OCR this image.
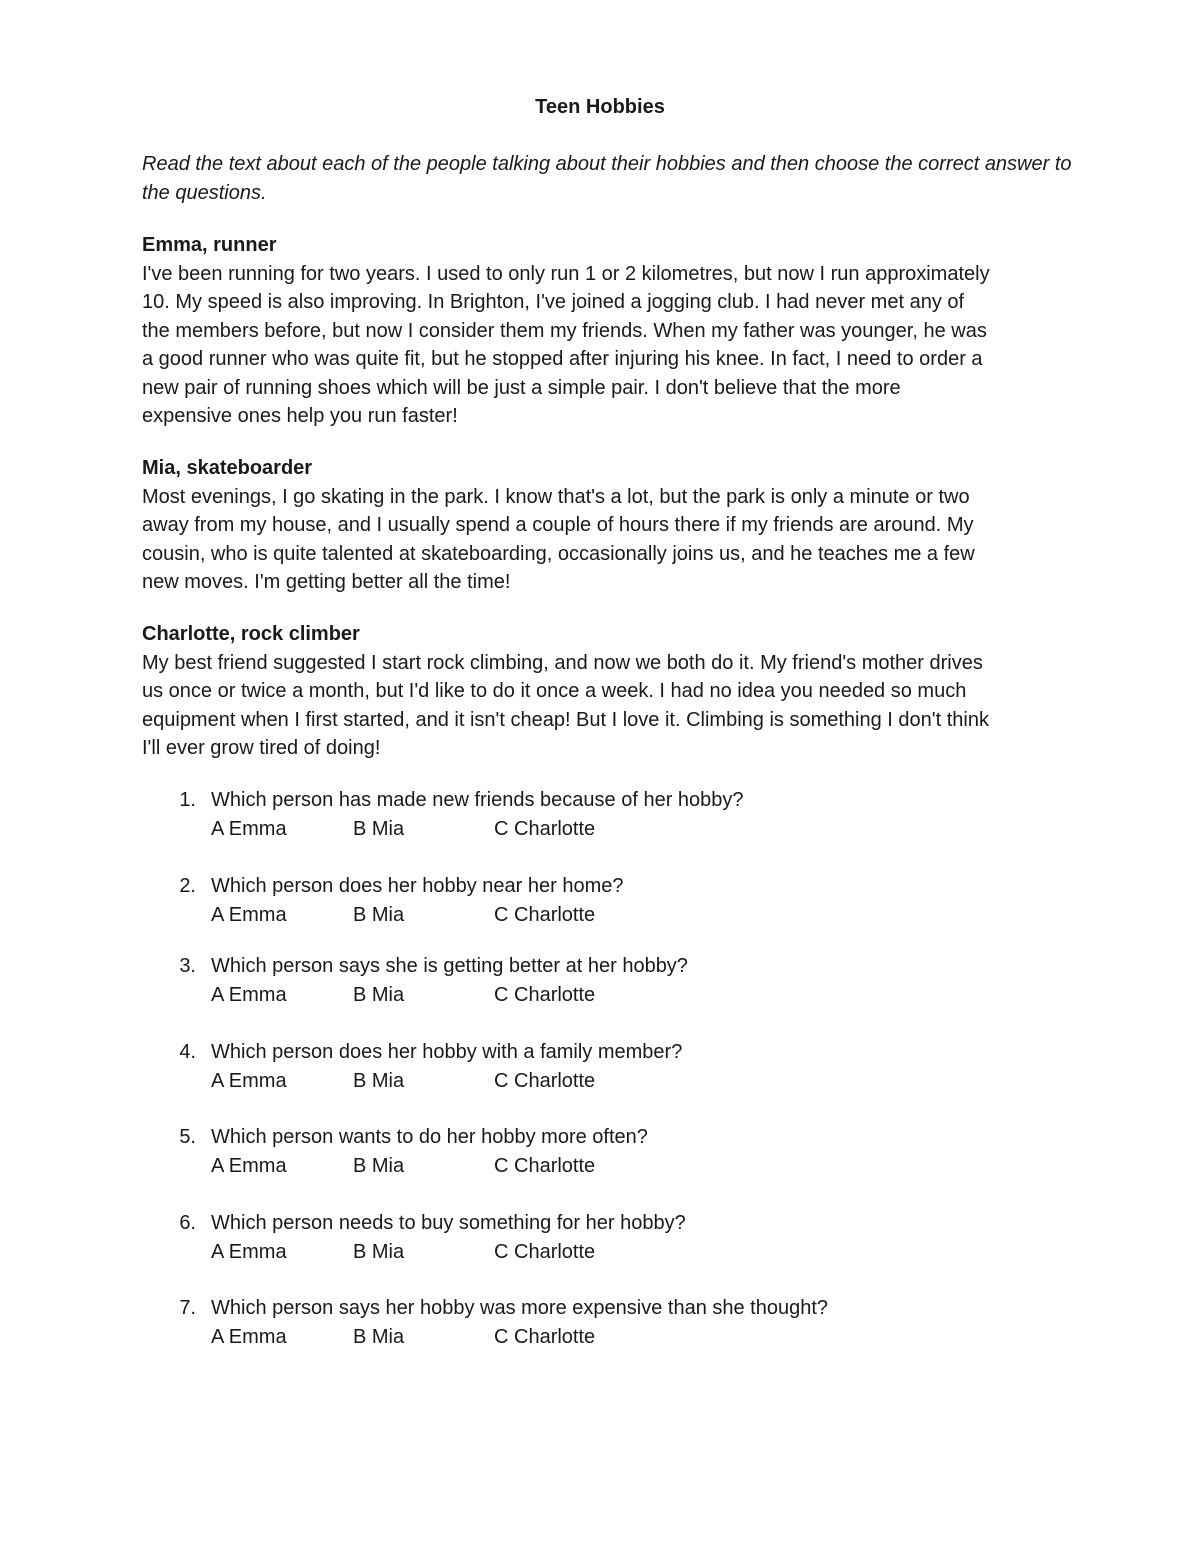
Teen Hobbies
Read the text about each of the people talking about their hobbies and then choose the correct answer to the questions.
Emma, runner
I've been running for two years. I used to only run 1 or 2 kilometres, but now I run approximately
10. My speed is also improving. In Brighton, I've joined a jogging club. I had never met any of
the members before, but now I consider them my friends. When my father was younger, he was
a good runner who was quite fit, but he stopped after injuring his knee. In fact, I need to order a
new pair of running shoes which will be just a simple pair. I don't believe that the more
expensive ones help you run faster!
Mia, skateboarder
Most evenings, I go skating in the park. I know that's a lot, but the park is only a minute or two
away from my house, and I usually spend a couple of hours there if my friends are around. My
cousin, who is quite talented at skateboarding, occasionally joins us, and he teaches me a few
new moves. I'm getting better all the time!
Charlotte, rock climber
My best friend suggested I start rock climbing, and now we both do it. My friend's mother drives
us once or twice a month, but I'd like to do it once a week. I had no idea you needed so much
equipment when I first started, and it isn't cheap! But I love it. Climbing is something I don't think
I'll ever grow tired of doing!
1. Which person has made new friends because of her hobby?
A Emma	B Mia	C Charlotte
2. Which person does her hobby near her home?
A Emma	B Mia	C Charlotte
3. Which person says she is getting better at her hobby?
A Emma	B Mia	C Charlotte
4. Which person does her hobby with a family member?
A Emma	B Mia	C Charlotte
5. Which person wants to do her hobby more often?
A Emma	B Mia	C Charlotte
6. Which person needs to buy something for her hobby?
A Emma	B Mia	C Charlotte
7. Which person says her hobby was more expensive than she thought?
A Emma	B Mia	C Charlotte
